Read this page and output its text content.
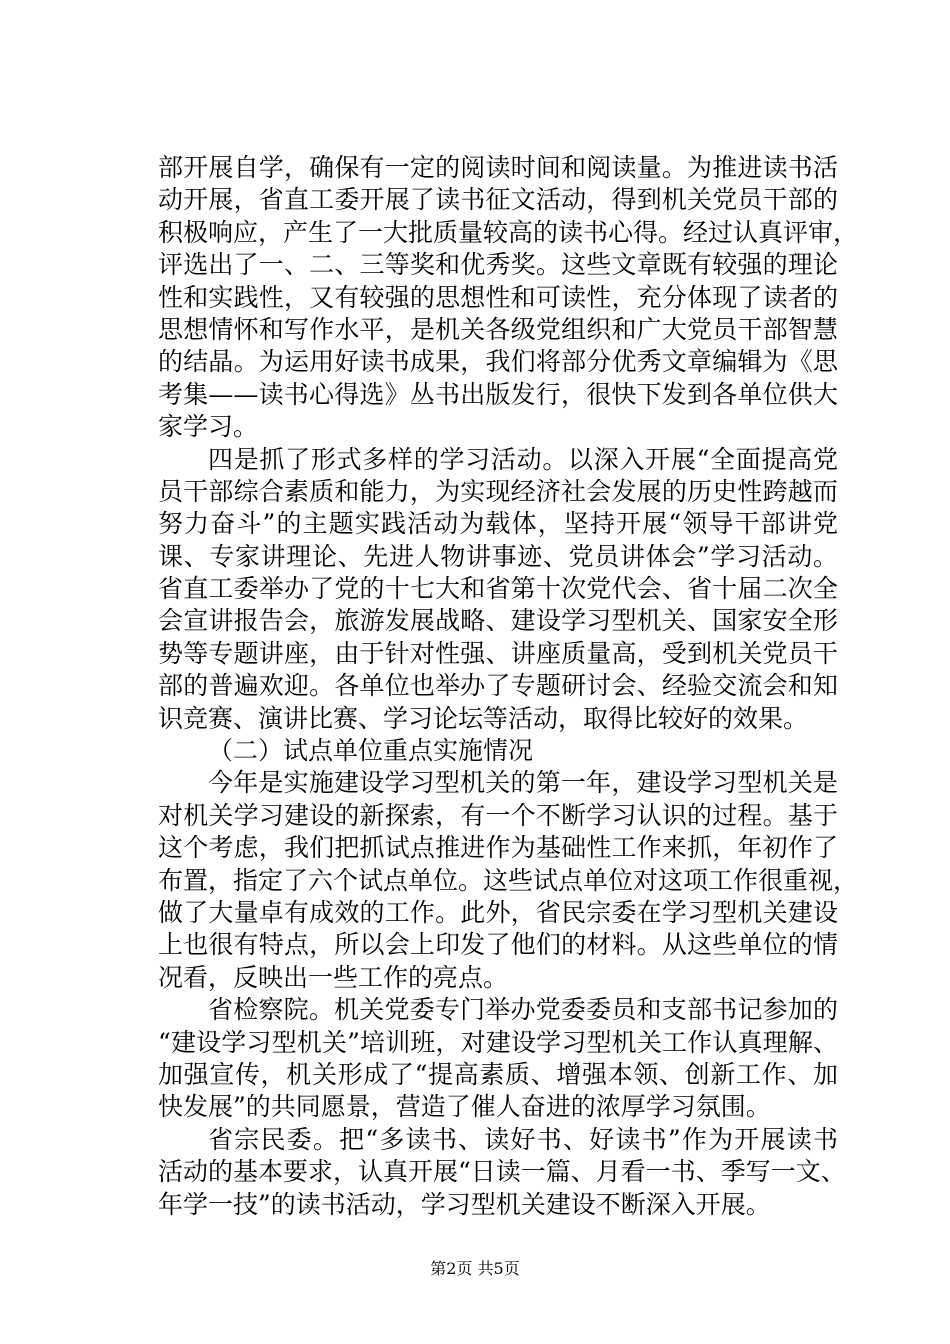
部开展自学，确保有一定的阅读时间和阅读量。为推进读书活
动开展，省直工委开展了读书征文活动，得到机关党员干部的
积极响应，产生了一大批质量较高的读书心得。经过认真评审，
评选出了一、二、三等奖和优秀奖。这些文章既有较强的理论
性和实践性，又有较强的思想性和可读性，充分体现了读者的
思想情怀和写作水平，是机关各级党组织和广大党员干部智慧
的结晶。为运用好读书成果，我们将部分优秀文章编辑为《思
考集——读书心得选》丛书出版发行，很快下发到各单位供大
家学习。
四是抓了形式多样的学习活动。以深入开展“全面提高党
员干部综合素质和能力，为实现经济社会发展的历史性跨越而
努力奋斗”的主题实践活动为载体，坚持开展“领导干部讲党
课、专家讲理论、先进人物讲事迹、党员讲体会”学习活动。
省直工委举办了党的十七大和省第十次党代会、省十届二次全
会宣讲报告会，旅游发展战略、建设学习型机关、国家安全形
势等专题讲座，由于针对性强、讲座质量高，受到机关党员干
部的普遍欢迎。各单位也举办了专题研讨会、经验交流会和知
识竞赛、演讲比赛、学习论坛等活动，取得比较好的效果。
（二）试点单位重点实施情况
今年是实施建设学习型机关的第一年，建设学习型机关是
对机关学习建设的新探索，有一个不断学习认识的过程。基于
这个考虑，我们把抓试点推进作为基础性工作来抓，年初作了
布置，指定了六个试点单位。这些试点单位对这项工作很重视，
做了大量卓有成效的工作。此外，省民宗委在学习型机关建设
上也很有特点，所以会上印发了他们的材料。从这些单位的情
况看，反映出一些工作的亮点。
省检察院。机关党委专门举办党委委员和支部书记参加的
“建设学习型机关”培训班，对建设学习型机关工作认真理解、
加强宣传，机关形成了“提高素质、增强本领、创新工作、加
快发展”的共同愿景，营造了催人奋进的浓厚学习氛围。
省宗民委。把“多读书、读好书、好读书”作为开展读书
活动的基本要求，认真开展“日读一篇、月看一书、季写一文、
年学一技”的读书活动，学习型机关建设不断深入开展。
第2页 共5页
